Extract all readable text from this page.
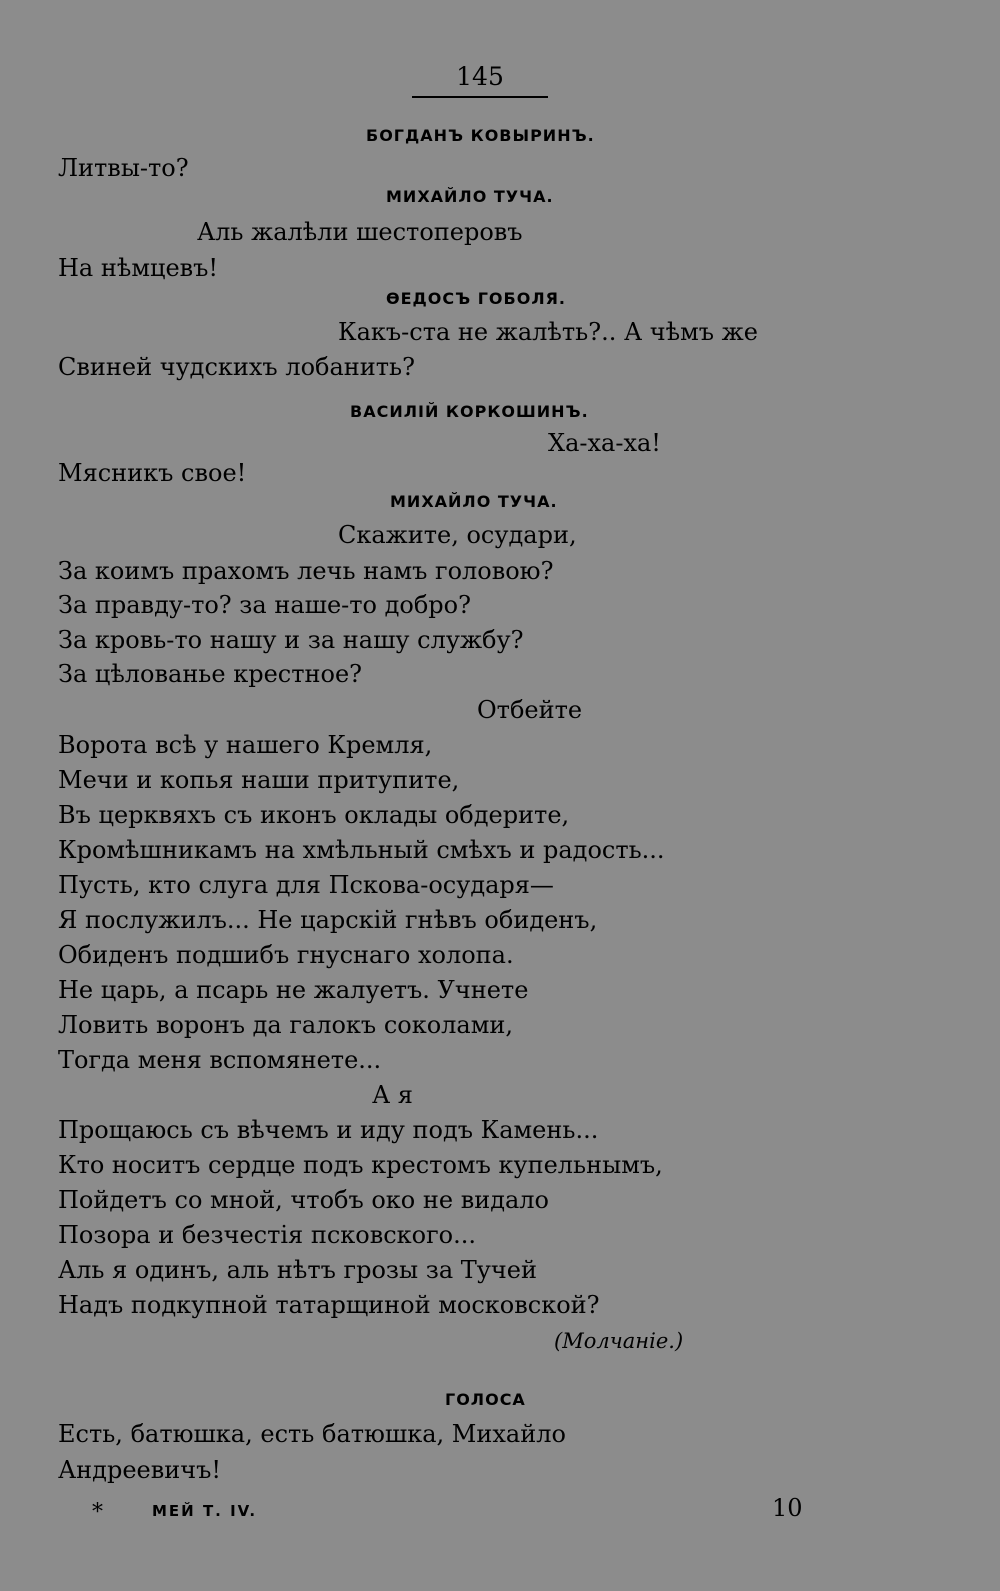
145
БОГДАНЪ КОВЫРИНЪ.
Литвы-то?
МИХАЙЛО ТУЧА.
Аль жалѣли шестоперовъ
На нѣмцевъ!
ѲЕДОСЪ ГОБОЛЯ.
Какъ-ста не жалѣть?.. А чѣмъ же
Свиней чудскихъ лобанить?
ВАСИЛІЙ КОРКОШИНЪ.
Ха-ха-ха!
Мясникъ свое!
МИХАЙЛО ТУЧА.
Скажите, осудари,
За коимъ прахомъ лечь намъ головою?
За правду-то? за наше-то добро?
За кровь-то нашу и за нашу службу?
За цѣлованье крестное?
Отбейте
Ворота всѣ у нашего Кремля,
Мечи и копья наши притупите,
Въ церквяхъ съ иконъ оклады обдерите,
Кромѣшникамъ на хмѣльный смѣхъ и радость...
Пусть, кто слуга для Пскова-осударя—
Я послужилъ... Не царскій гнѣвъ обиденъ,
Обиденъ подшибъ гнуснаго холопа.
Не царь, а псарь не жалуетъ. Учнете
Ловить воронъ да галокъ соколами,
Тогда меня вспомянете...
А я
Прощаюсь съ вѣчемъ и иду подъ Камень...
Кто носитъ сердце подъ крестомъ купельнымъ,
Пойдетъ со мной, чтобъ око не видало
Позора и безчестія псковского...
Аль я одинъ, аль нѣтъ грозы за Тучей
Надъ подкупной татарщиной московской?
(Молчаніе.)
ГОЛОСА
Есть, батюшка, есть батюшка, Михайло
Андреевичъ!
*	МЕЙ Т. IV.	10
